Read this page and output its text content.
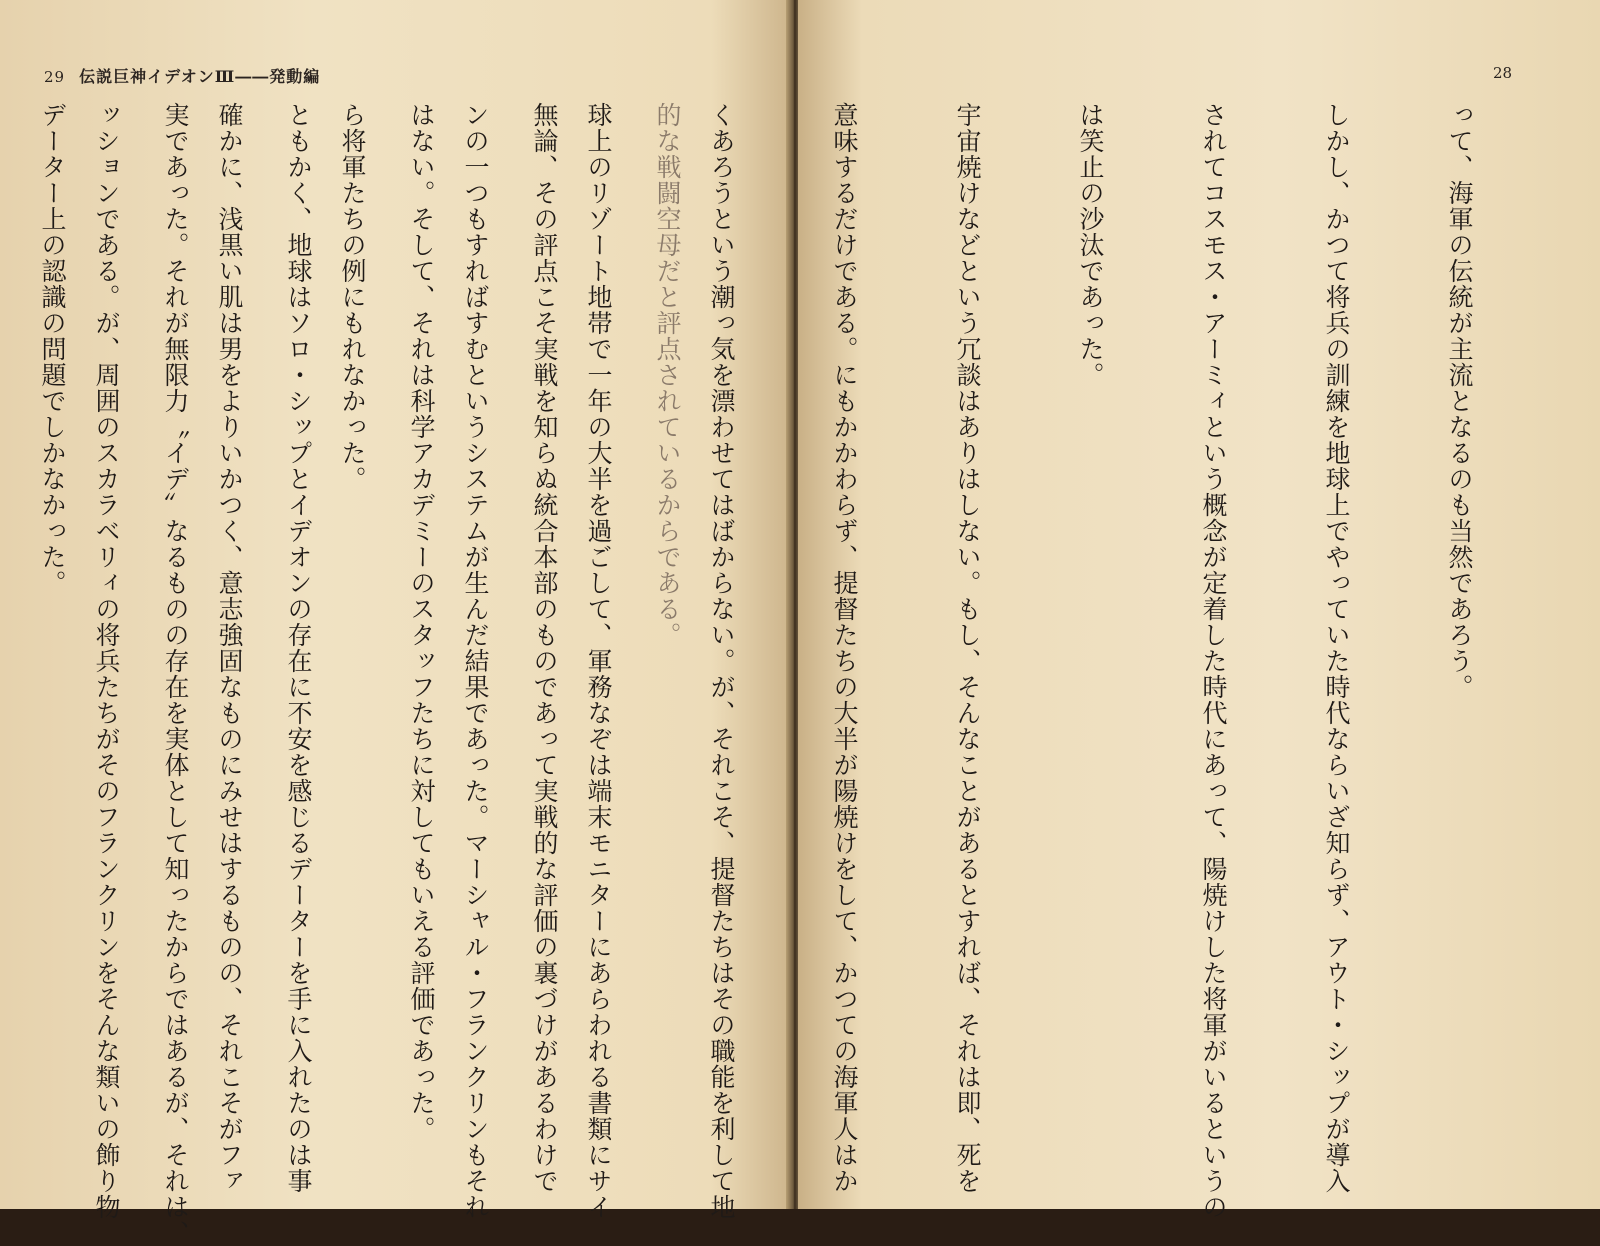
29 伝説巨神イデオンⅢ――発動編

的な戦闘空母だと評点されているからである。

無論、その評点こそ実戦を知らぬ統合本部のものであって実戦的な評価の裏づけがあるわけで

はない。そして、それは科学アカデミーのスタッフたちに対してもいえる評価であった。

ともかく、地球はソロ・シップとイデオンの存在に不安を感じるデーターを手に入れたのは事

実であった。それが無限力〝イデ〟なるものの存在を実体として知ったからではあるが、それは、

データー上の認識の問題でしかなかった。

28

って、海軍の伝統が主流となるのも当然であろう。

しかし、かつて将兵の訓練を地球上でやっていた時代ならいざ知らず、アウト・シップが導入

されてコスモス・アーミィという概念が定着した時代にあって、陽焼けした将軍がいるというの

は笑止の沙汰であった。

宇宙焼けなどという冗談はありはしない。もし、そんなことがあるとすれば、それは即、死を

意味するだけである。にもかかわらず、提督たちの大半が陽焼けをして、かつての海軍人はか

くあろうという潮っ気を漂わせてはばからない。が、それこそ、提督たちはその職能を利して地

球上のリゾート地帯で一年の大半を過ごして、軍務なぞは端末モニターにあらわれる書類にサイ

ンの一つもすればすむというシステムが生んだ結果であった。マーシャル・フランクリンもそれ

ら将軍たちの例にもれなかった。

確かに、浅黒い肌は男をよりいかつく、意志強固なものにみせはするものの、それこそがファ

ッションである。が、周囲のスカラベリィの将兵たちがそのフランクリンをそんな類いの飾り物
